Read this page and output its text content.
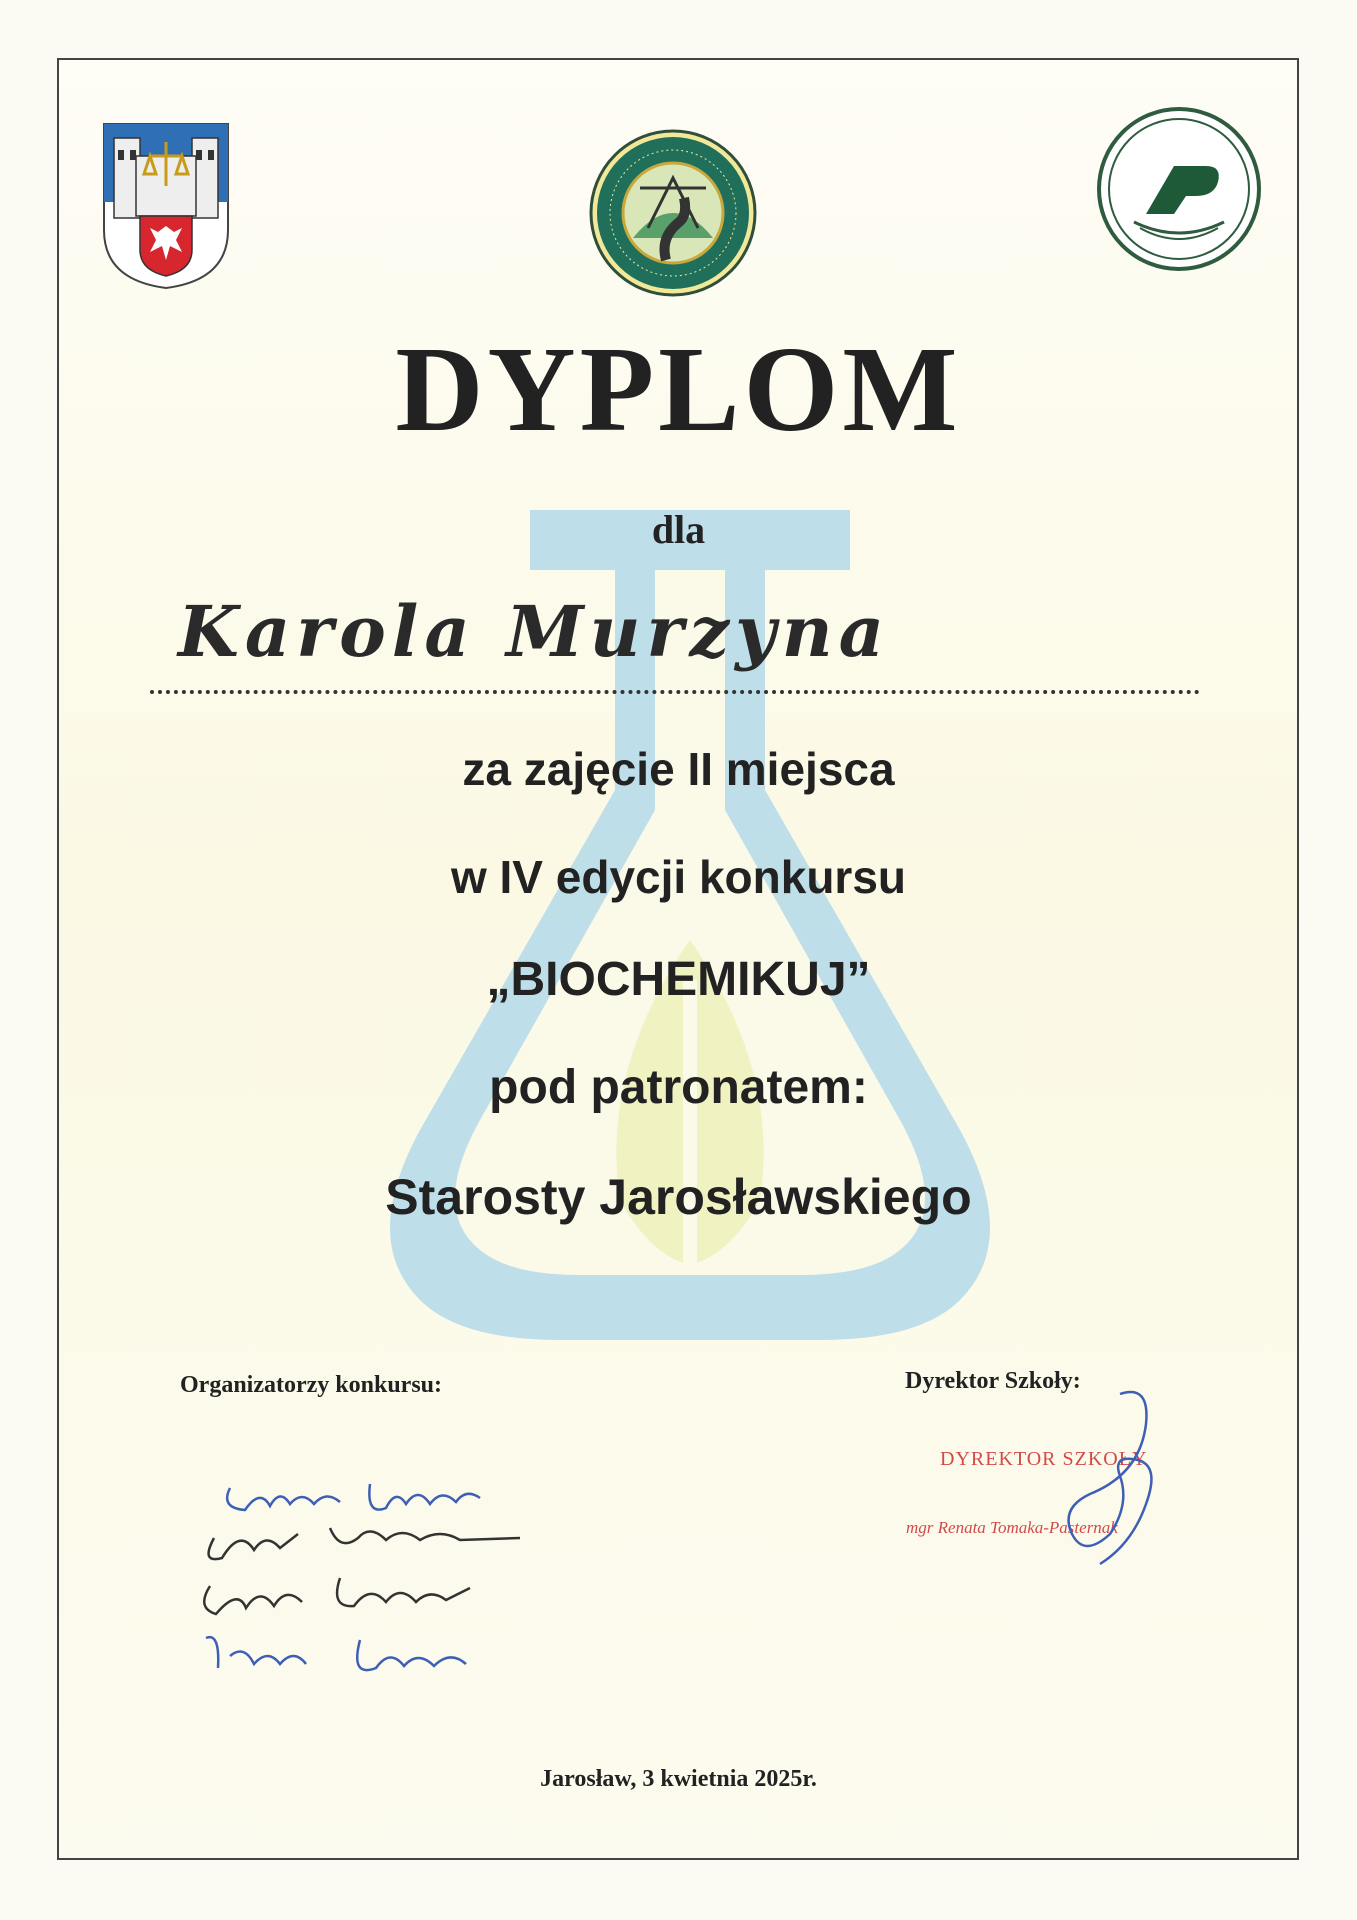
DYPLOM
dla
Karola Murzyna
za zajęcie II miejsca
w IV edycji konkursu
„BIOCHEMIKUJ”
pod patronatem:
Starosty Jarosławskiego
Organizatorzy konkursu:	Dyrektor Szkoły:
DYREKTOR SZKOŁY
mgr Renata Tomaka-Pasternak
Jarosław, 3 kwietnia 2025r.
